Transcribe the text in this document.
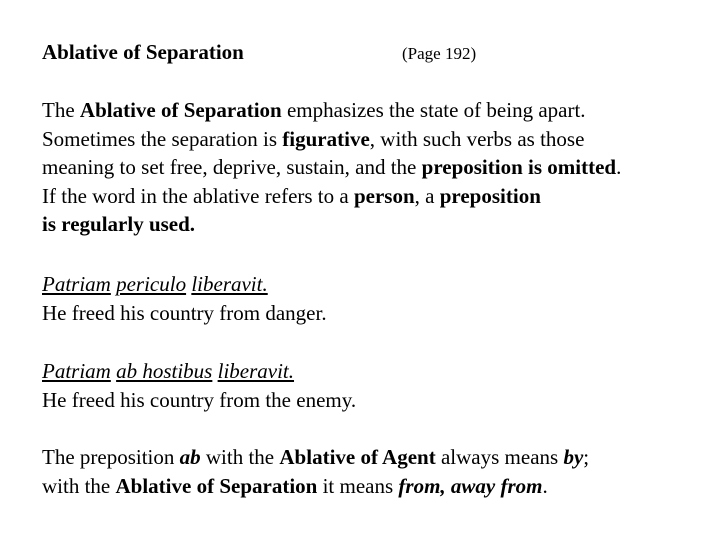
Ablative of Separation	(Page 192)
The Ablative of Separation emphasizes the state of being apart.
Sometimes the separation is figurative, with such verbs as those
meaning to set free, deprive, sustain, and the preposition is omitted.
If the word in the ablative refers to a person, a preposition
is regularly used.
Patriam periculo liberavit.
He freed his country from danger.
Patriam ab hostibus liberavit.
He freed his country from the enemy.
The preposition ab with the Ablative of Agent always means by;
with the Ablative of Separation it means from, away from.
